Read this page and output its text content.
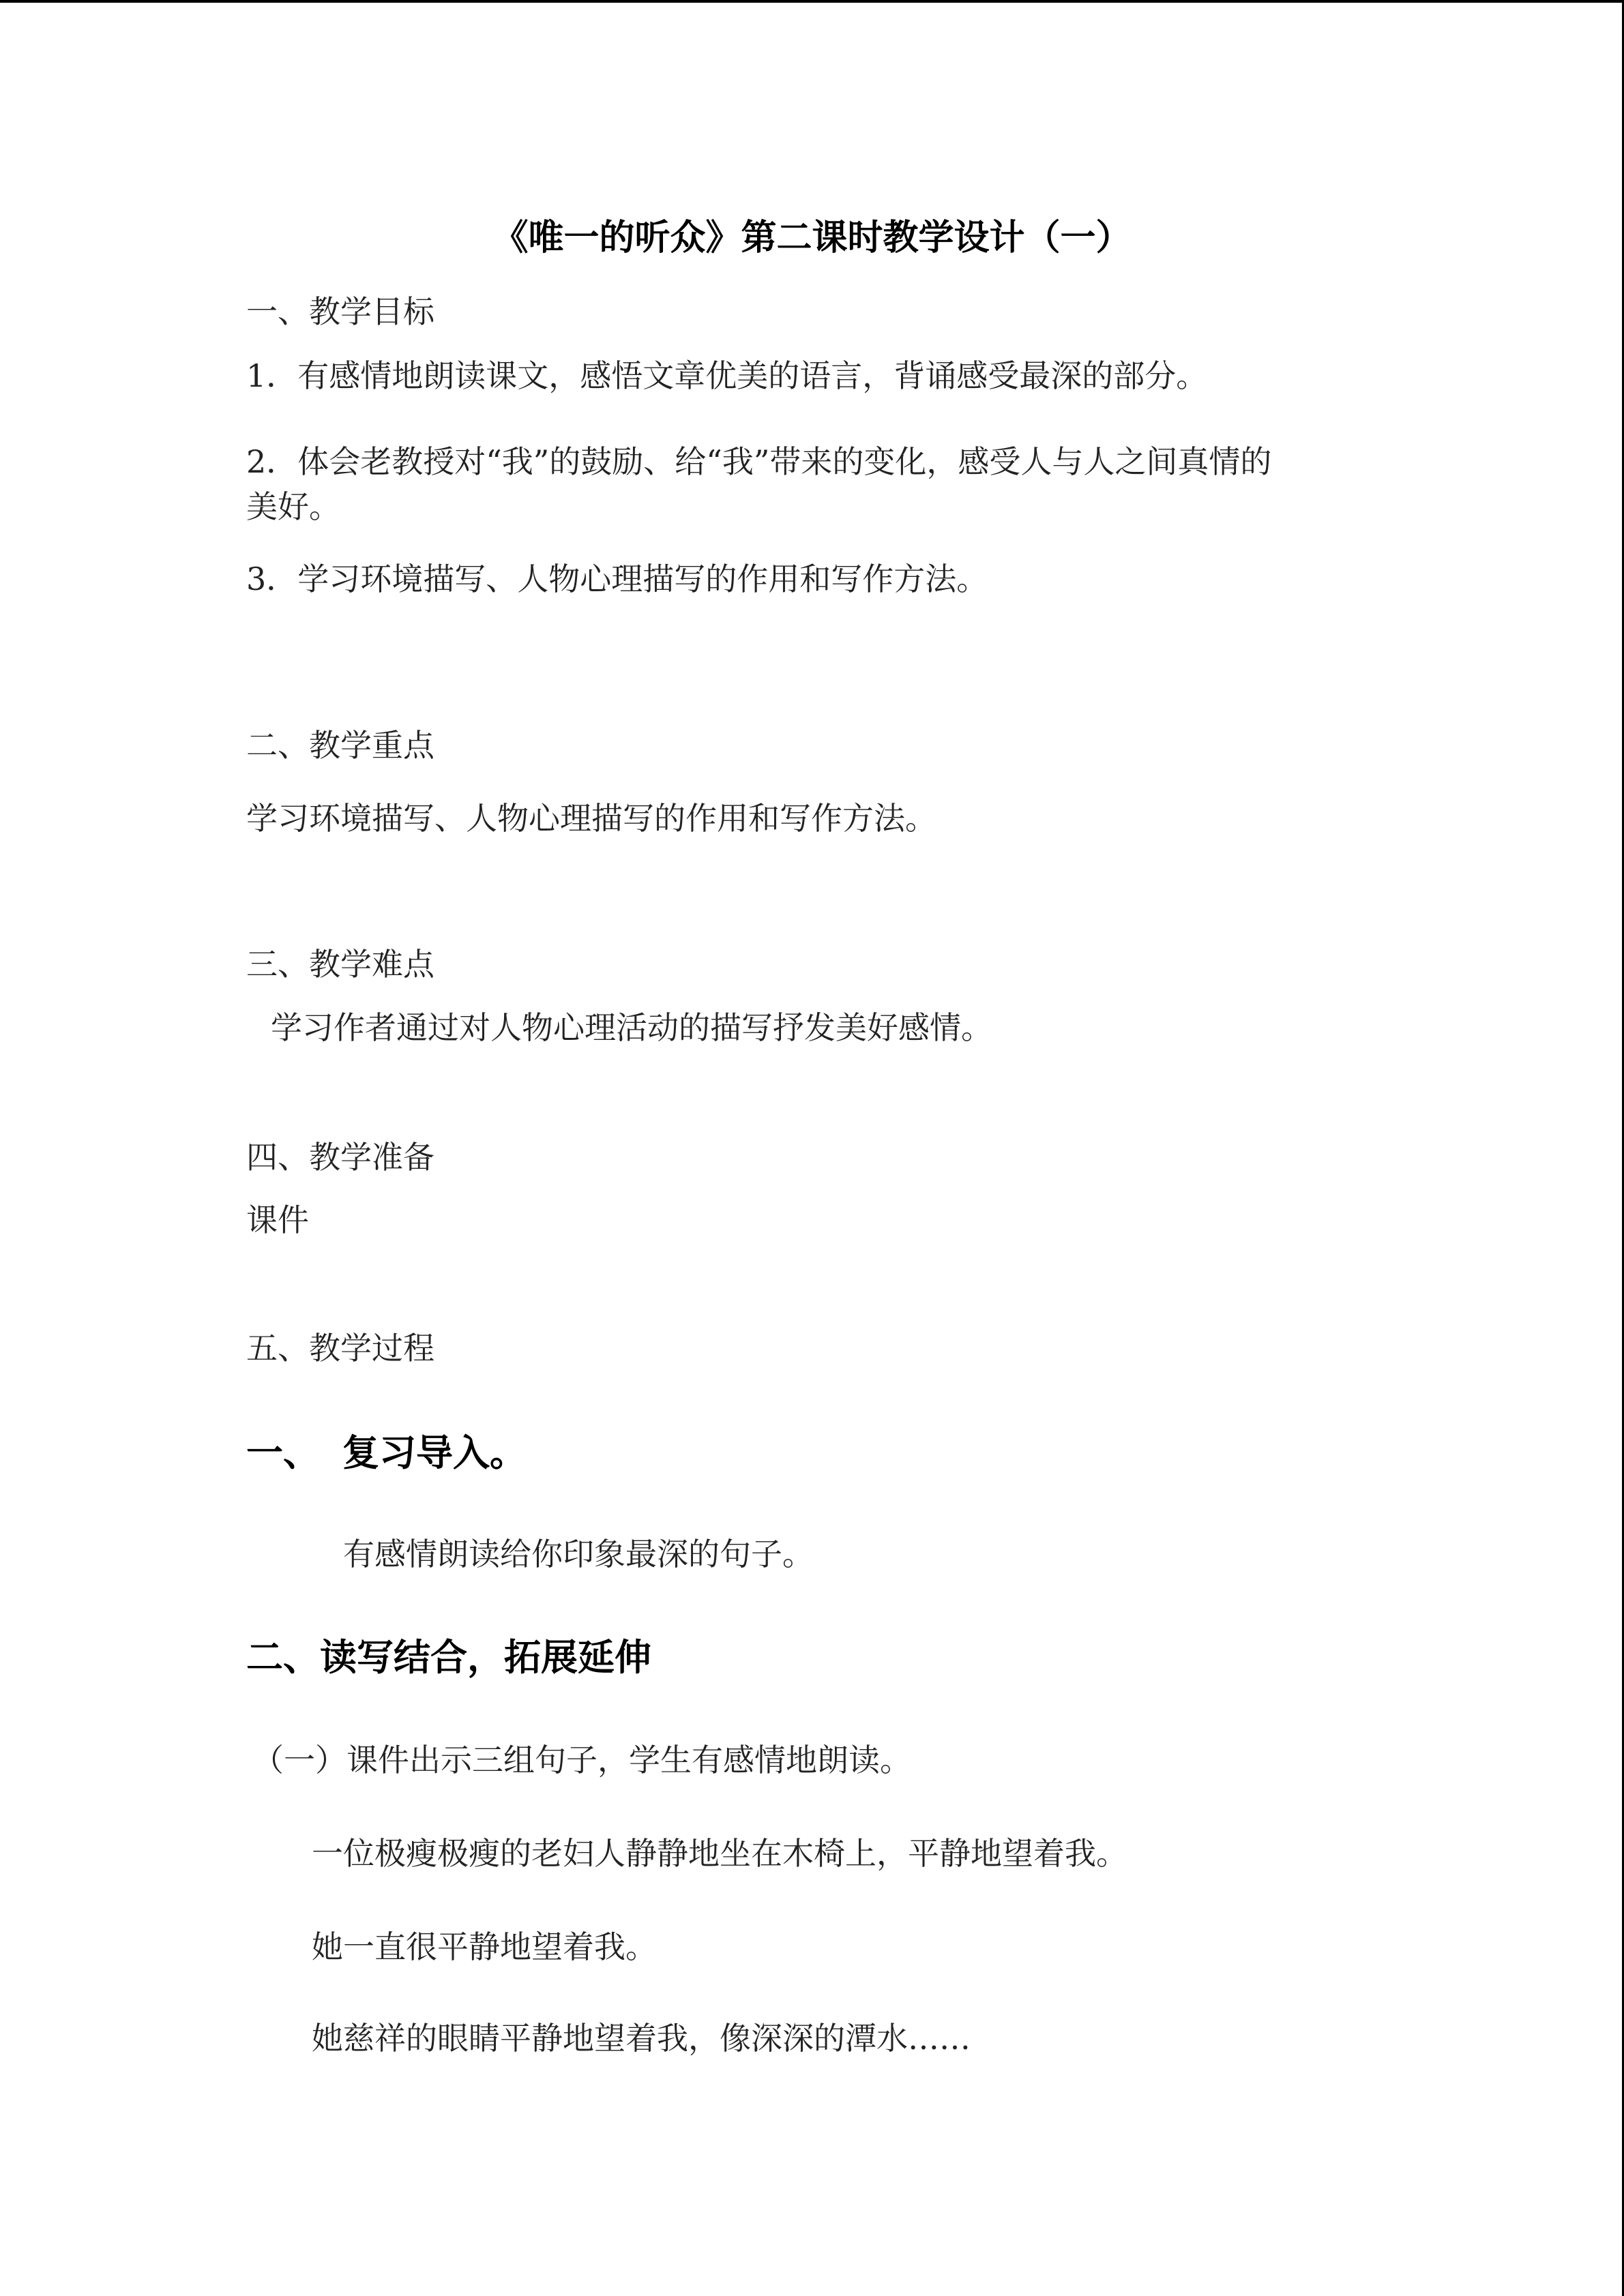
《唯一的听众》第二课时教学设计（一）
一、教学目标
1．有感情地朗读课文，感悟文章优美的语言，背诵感受最深的部分。
2．体会老教授对“我”的鼓励、给“我”带来的变化，感受人与人之间真情的
美好。
3．学习环境描写、人物心理描写的作用和写作方法。
二、教学重点
学习环境描写、人物心理描写的作用和写作方法。
三、教学难点
学习作者通过对人物心理活动的描写抒发美好感情。
四、教学准备
课件
五、教学过程
一、 复习导入。
有感情朗读给你印象最深的句子。
二、读写结合，拓展延伸
（一）课件出示三组句子，学生有感情地朗读。
一位极瘦极瘦的老妇人静静地坐在木椅上，平静地望着我。
她一直很平静地望着我。
她慈祥的眼睛平静地望着我，像深深的潭水……
